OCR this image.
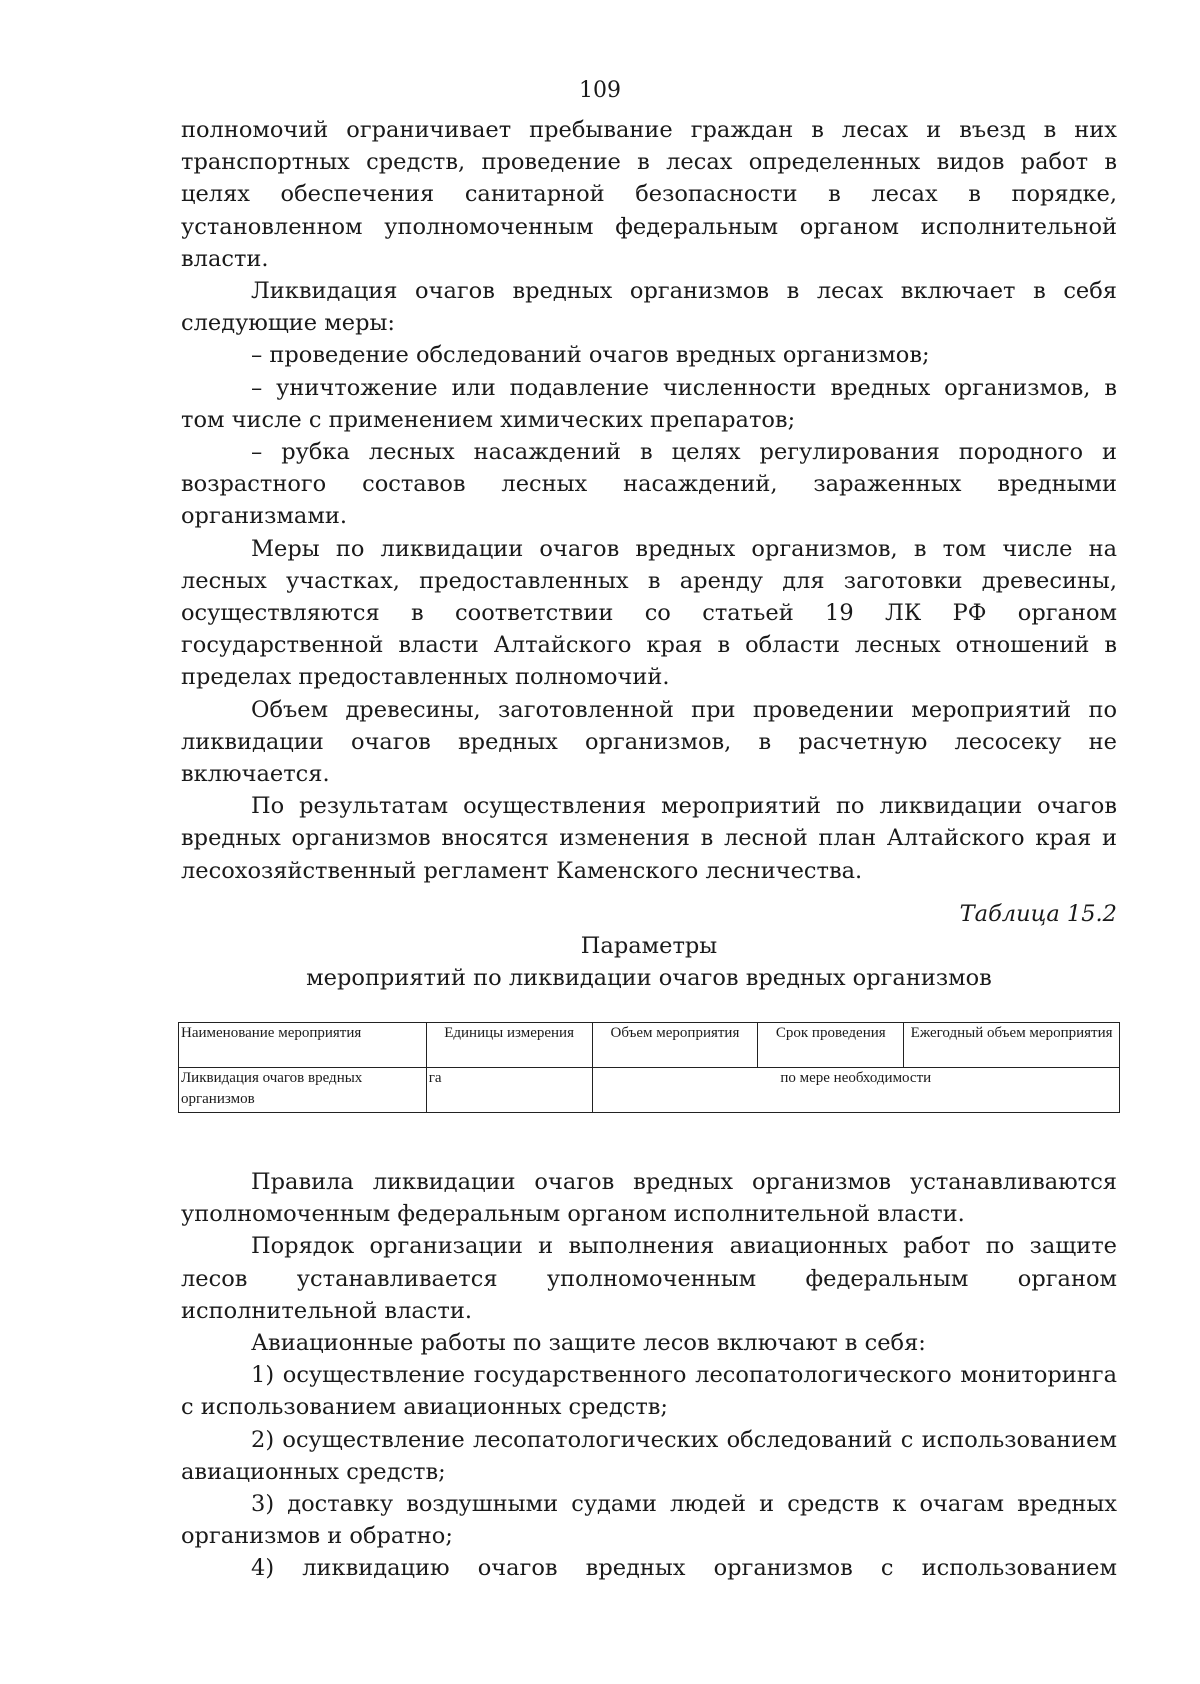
109

полномочий ограничивает пребывание граждан в лесах и въезд в них транспортных средств, проведение в лесах определенных видов работ в целях обеспечения санитарной безопасности в лесах в порядке, установленном уполномоченным федеральным органом исполнительной власти.

Ликвидация очагов вредных организмов в лесах включает в себя следующие меры:

– проведение обследований очагов вредных организмов;

– уничтожение или подавление численности вредных организмов, в том числе с применением химических препаратов;

– рубка лесных насаждений в целях регулирования породного и возрастного составов лесных насаждений, зараженных вредными организмами.

Меры по ликвидации очагов вредных организмов, в том числе на лесных участках, предоставленных в аренду для заготовки древесины, осуществляются в соответствии со статьей 19 ЛК РФ органом государственной власти Алтайского края в области лесных отношений в пределах предоставленных полномочий.

Объем древесины, заготовленной при проведении мероприятий по ликвидации очагов вредных организмов, в расчетную лесосеку не включается.

По результатам осуществления мероприятий по ликвидации очагов вредных организмов вносятся изменения в лесной план Алтайского края и лесохозяйственный регламент Каменского лесничества.

Таблица 15.2
Параметры
мероприятий по ликвидации очагов вредных организмов
Наименование мероприятия	Единицы измерения	Объем мероприятия	Срок проведения	Ежегодный объем мероприятия
Ликвидация очагов вредных организмов	га	по мере необходимости		

Правила ликвидации очагов вредных организмов устанавливаются уполномоченным федеральным органом исполнительной власти.

Порядок организации и выполнения авиационных работ по защите лесов устанавливается уполномоченным федеральным органом исполнительной власти.

Авиационные работы по защите лесов включают в себя:

1) осуществление государственного лесопатологического мониторинга с использованием авиационных средств;

2) осуществление лесопатологических обследований с использованием авиационных средств;

3) доставку воздушными судами людей и средств к очагам вредных организмов и обратно;

4) ликвидацию очагов вредных организмов с использованием
